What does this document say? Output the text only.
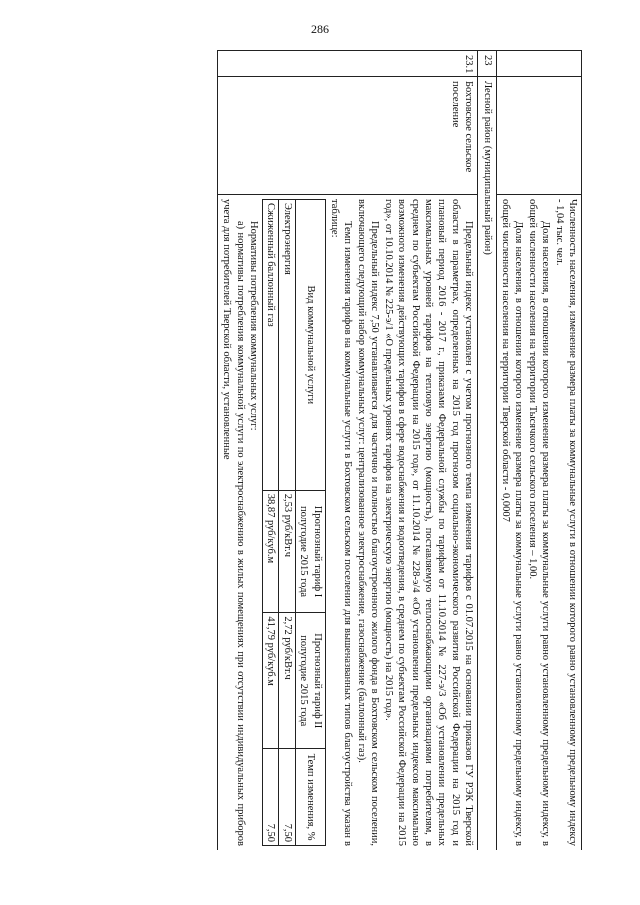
286

Численность населения, изменение размера платы за коммунальные услуги в отношении которого равно установленному предельному индексу - 1,04 тыс. чел.

Доля населения, в отношении которого изменение размера платы за коммунальные услуги равно установленному предельному индексу, в общей численности населения на территории Тысячкого сельского поселения – 1,00.

Доля населения, в отношении которого изменение размера платы за коммунальные услуги равно установленному предельному индексу, в общей численности населения на территории Тверской области - 0,0007

23	Лесной район (муниципальный район)
23.1	Бохтовское сельское поселение	

Предельный индекс установлен с учетом прогнозного темпа изменения тарифов с 01.07.2015 на основании приказов ГУ РЭК Тверской области в параметрах, определенных на 2015 год прогнозом социально-экономического развития Российской Федерации на 2015 год и плановый период 2016 - 2017 г., приказами Федеральной службы по тарифам от 11.10.2014 № 227-э/3 «Об установлении предельных максимальных уровней тарифов на тепловую энергию (мощность), поставляемую теплоснабжающими организациями потребителям, в среднем по субъектам Российской Федерации на 2015 год», от 11.10.2014 № 228-э/4 «Об установлении предельных индексов максимально возможного изменения действующих тарифов в сфере водоснабжения и водоотведения, в среднем по субъектам Российской Федерации на 2015 год», от 10.10.2014 № 225-э/1 «О предельных уровнях тарифов на электрическую энергию (мощность) на 2015 год».

Предельный индекс 7,50 устанавливается для частично и полностью благоустроенного жилого фонда в Бохтовском сельском поселении, включающего следующий набор коммунальных услуг: централизованное электроснабжение, газоснабжение (баллонный газ).

Темп изменения тарифов на коммунальные услуги в Бохтовском сельском поселении для вышеназванных типов благоустройства указан в таблице:

Вид коммунальной услуги	Прогнозный тариф I полугодие 2015 года	Прогнозный тариф II полугодие 2015 года	Темп изменения, %
Электроэнергия	2,53 руб/кВт.ч	2,72 руб/кВт.ч	7,50
Сжиженный баллонный газ	38,87 руб/куб.м	41,79 руб/куб.м	7,50

Нормативы потребления коммунальных услуг:

а) нормативы потребления коммунальной услуги по электроснабжению в жилых помещениях при отсутствии индивидуальных приборов учета для потребителей Тверской области, установленные
